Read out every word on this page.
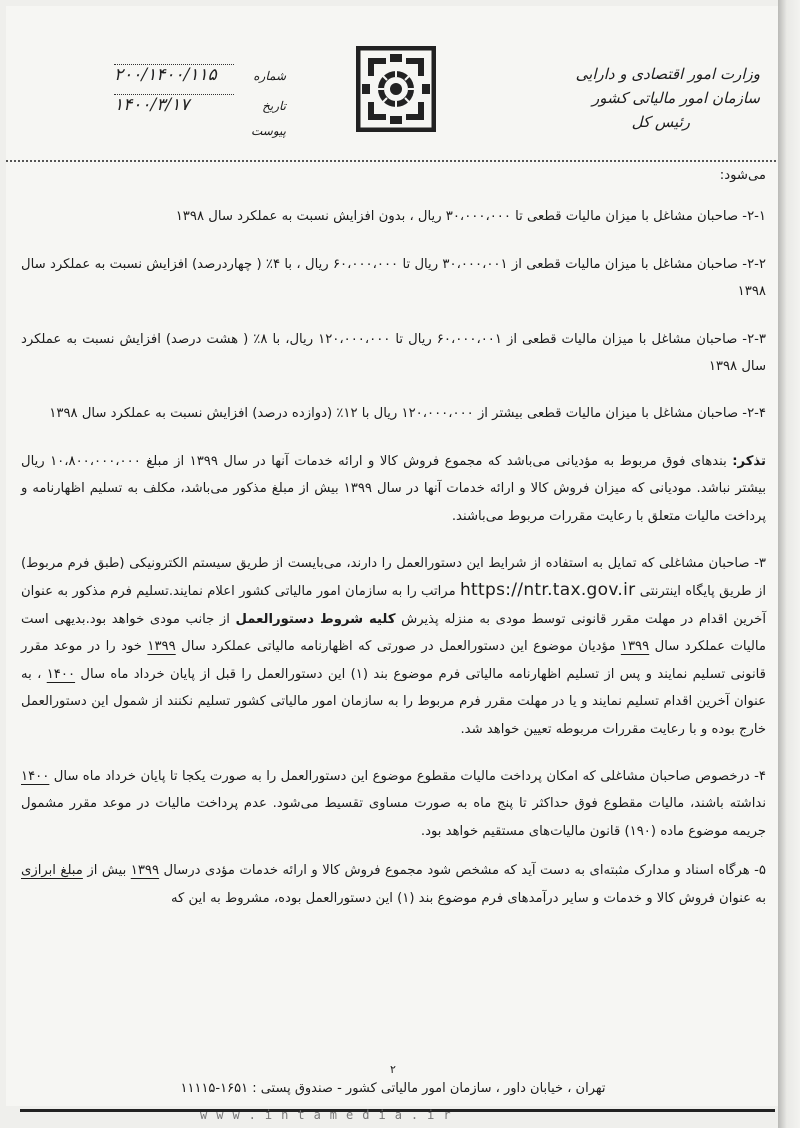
وزارت امور اقتصادی و دارایی
سازمان امور مالیاتی کشور
رئیس کل
شماره
۲۰۰/۱۴۰۰/۱۱۵
تاریخ
۱۴۰۰/۳/۱۷
پیوست

می‌شود:

۲-۱- صاحبان مشاغل با میزان مالیات قطعی تا ۳۰،۰۰۰،۰۰۰ ریال ، بدون افزایش نسبت به عملکرد سال ۱۳۹۸

۲-۲- صاحبان مشاغل با میزان مالیات قطعی از ۳۰،۰۰۰،۰۰۱ ریال تا ۶۰،۰۰۰،۰۰۰ ریال ، با ۴٪ ( چهاردرصد) افزایش نسبت به عملکرد سال ۱۳۹۸

۲-۳- صاحبان مشاغل با میزان مالیات قطعی از ۶۰،۰۰۰،۰۰۱ ریال تا ۱۲۰،۰۰۰،۰۰۰ ریال، با ۸٪ ( هشت درصد) افزایش نسبت به عملکرد سال ۱۳۹۸

۲-۴- صاحبان مشاغل با میزان مالیات قطعی بیشتر از ۱۲۰،۰۰۰،۰۰۰ ریال با ۱۲٪ (دوازده درصد) افزایش نسبت به عملکرد سال ۱۳۹۸

تذکر: بندهای فوق مربوط به مؤدیانی می‌باشد که مجموع فروش کالا و ارائه خدمات آنها در سال ۱۳۹۹ از مبلغ ۱۰،۸۰۰،۰۰۰،۰۰۰ ریال بیشتر نباشد. مودیانی که میزان فروش کالا و ارائه خدمات آنها در سال ۱۳۹۹ بیش از مبلغ مذکور می‌باشد، مکلف به تسلیم اظهارنامه و پرداخت مالیات متعلق با رعایت مقررات مربوط می‌باشند.

۳- صاحبان مشاغلی که تمایل به استفاده از شرایط این دستورالعمل را دارند، می‌بایست از طریق سیستم الکترونیکی (طبق فرم مربوط) از طریق پایگاه اینترنتی https://ntr.tax.gov.ir مراتب را به سازمان امور مالیاتی کشور اعلام نمایند.تسلیم فرم مذکور به عنوان آخرین اقدام در مهلت مقرر قانونی توسط مودی به منزله پذیرش کلیه شروط دستورالعمل از جانب مودی خواهد بود.بدیهی است مالیات عملکرد سال ۱۳۹۹ مؤدیان موضوع این دستورالعمل در صورتی که اظهارنامه مالیاتی عملکرد سال ۱۳۹۹ خود را در موعد مقرر قانونی تسلیم نمایند و پس از تسلیم اظهارنامه مالیاتی فرم موضوع بند (۱) این دستورالعمل را قبل از پایان خرداد ماه سال ۱۴۰۰ ، به عنوان آخرین اقدام تسلیم نمایند و یا در مهلت مقرر فرم مربوط را به سازمان امور مالیاتی کشور تسلیم نکنند از شمول این دستورالعمل خارج بوده و با رعایت مقررات مربوطه تعیین خواهد شد.

۴- درخصوص صاحبان مشاغلی که امکان پرداخت مالیات مقطوع موضوع این دستورالعمل را به صورت یکجا تا پایان خرداد ماه سال ۱۴۰۰ نداشته باشند، مالیات مقطوع فوق حداکثر تا پنج ماه به صورت مساوی تقسیط می‌شود. عدم پرداخت مالیات در موعد مقرر مشمول جریمه موضوع ماده (۱۹۰) قانون مالیات‌های مستقیم خواهد بود.

۵- هرگاه اسناد و مدارک مثبته‌ای به دست آید که مشخص شود مجموع فروش کالا و ارائه خدمات مؤدی درسال ۱۳۹۹ بیش از مبلغ ابرازی به عنوان فروش کالا و خدمات و سایر درآمدهای فرم موضوع بند (۱) این دستورالعمل بوده، مشروط به این که

۲
تهران ، خیابان داور ، سازمان امور مالیاتی کشور - صندوق پستی : ۱۶۵۱-۱۱۱۱۵
www.intamedia.ir
